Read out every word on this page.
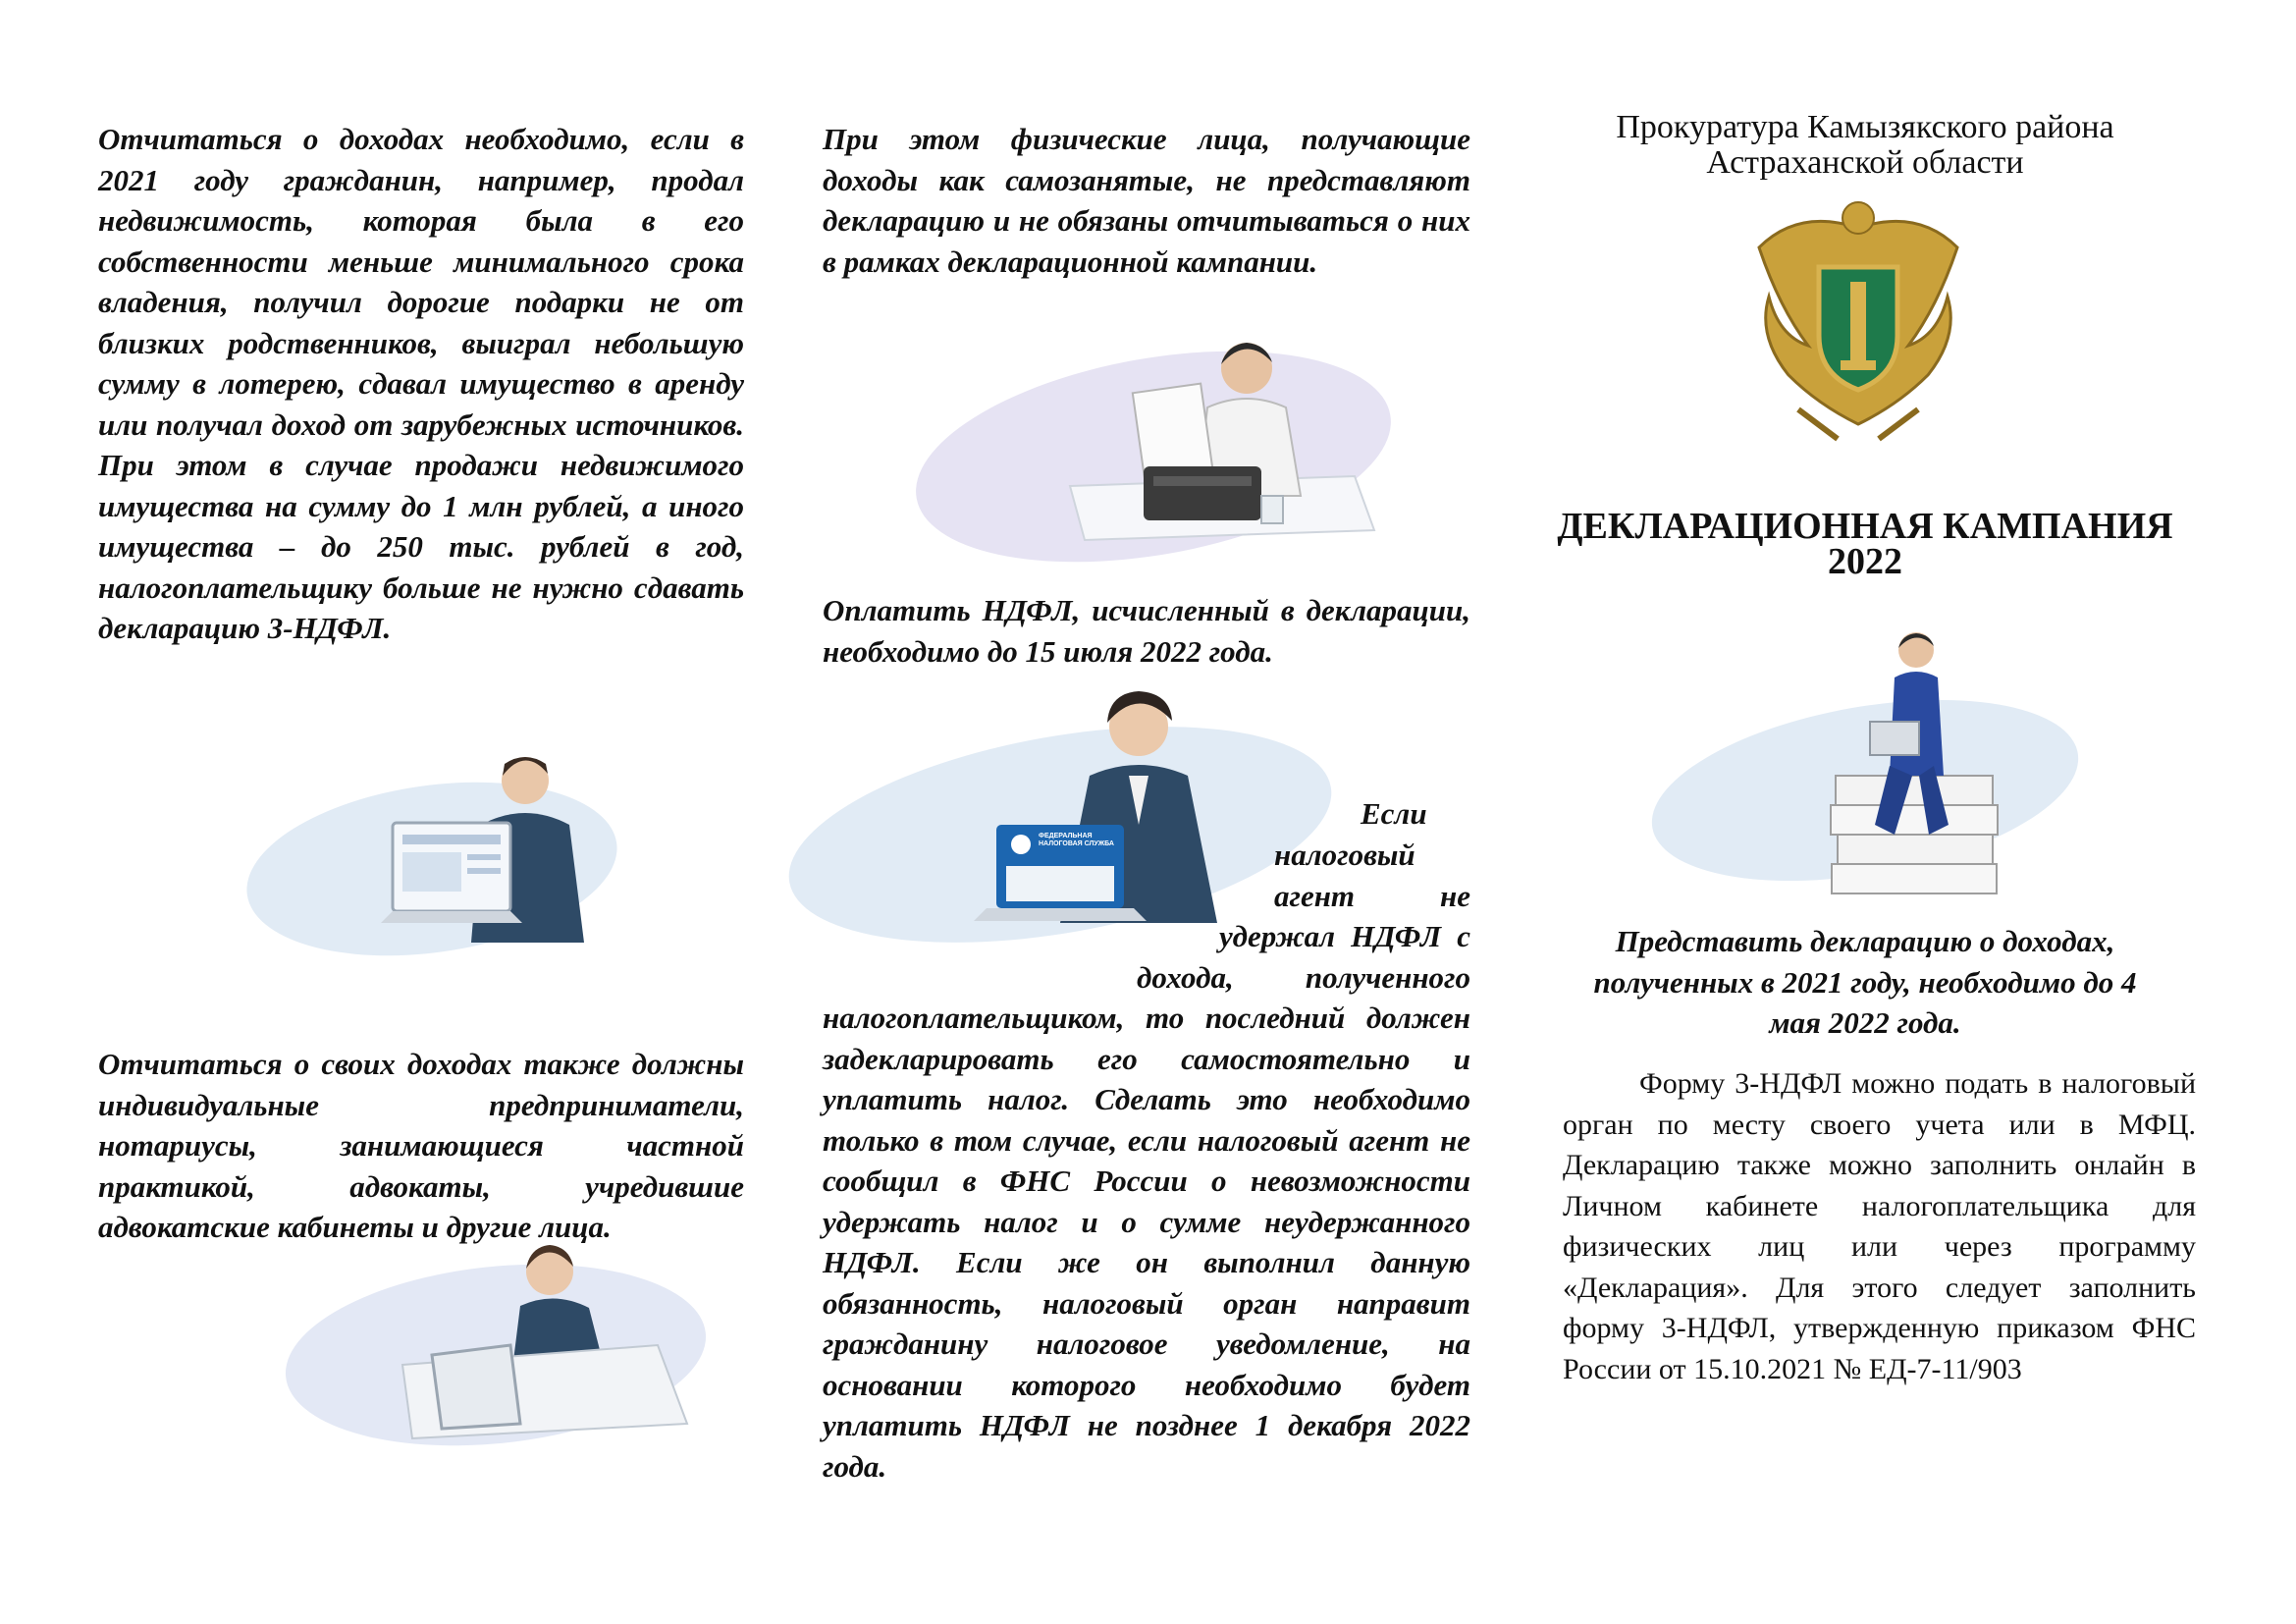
Отчитаться о доходах необходимо, если в 2021 году гражданин, например, продал недвижимость, которая была в его собственности меньше минимального срока владения, получил дорогие подарки не от близких родственников, выиграл небольшую сумму в лотерею, сдавал имущество в аренду или получал доход от зарубежных источников. При этом в случае продажи недвижимого имущества на сумму до 1 млн рублей, а иного имущества – до 250 тыс. рублей в год, налогоплательщику больше не нужно сдавать декларацию 3-НДФЛ.

Отчитаться о своих доходах также должны индивидуальные предприниматели, нотариусы, занимающиеся частной практикой, адвокаты, учредившие адвокатские кабинеты и другие лица.

При этом физические лица, получающие доходы как самозанятые, не представляют декларацию и не обязаны отчитываться о них в рамках декларационной кампании.

Оплатить НДФЛ, исчисленный в декларации, необходимо до 15 июля 2022 года.

ФЕДЕРАЛЬНАЯ НАЛОГОВАЯ СЛУЖБА

Если налоговый агент не удержал НДФЛ с дохода, полученного налогоплательщиком, то последний должен задекларировать его самостоятельно и уплатить налог. Сделать это необходимо только в том случае, если налоговый агент не сообщил в ФНС России о невозможности удержать налог и о сумме неудержанного НДФЛ. Если же он выполнил данную обязанность, налоговый орган направит гражданину налоговое уведомление, на основании которого необходимо будет уплатить НДФЛ не позднее 1 декабря 2022 года.

Прокуратура Камызякского района
Астраханской области
ДЕКЛАРАЦИОННАЯ КАМПАНИЯ
2022

Представить декларацию о доходах, полученных в 2021 году, необходимо до 4 мая 2022 года.

Форму 3-НДФЛ можно подать в налоговый орган по месту своего учета или в МФЦ. Декларацию также можно заполнить онлайн в Личном кабинете налогоплательщика для физических лиц или через программу «Декларация». Для этого следует заполнить форму 3-НДФЛ, утвержденную приказом ФНС России от 15.10.2021 № ЕД-7-11/903
